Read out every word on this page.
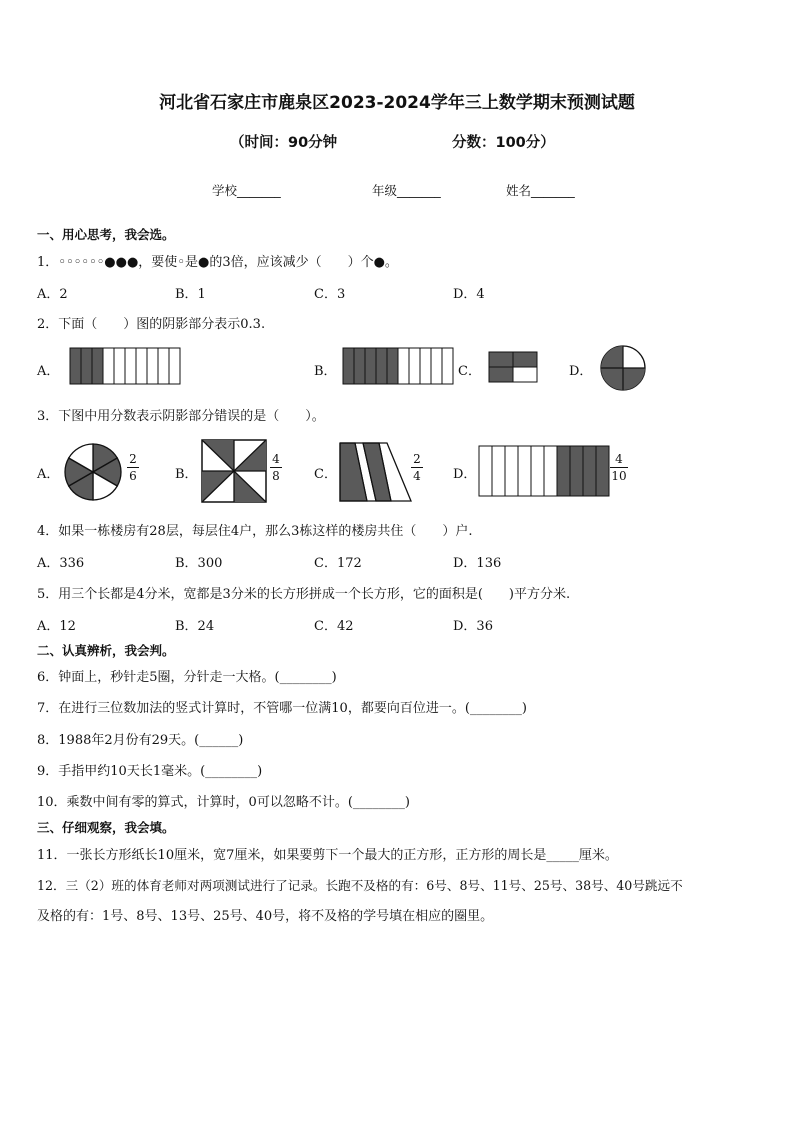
河北省石家庄市鹿泉区2023-2024学年三上数学期末预测试题
（时间：90分钟	分数：100分）
学校_______	年级_______	姓名_______
一、用心思考，我会选。
1．◦◦◦◦◦◦●●●，要使◦是●的3倍，应该减少（　　）个●。
A．2	B．1	C．3	D．4
2．下面（　　）图的阴影部分表示0.3.
A．	B．	C．	D．
3．下图中用分数表示阴影部分错误的是（　　）。
A．
2
6	B．
4
8	C．
2
4 D．
4
10
4．如果一栋楼房有28层，每层住4户，那么3栋这样的楼房共住（　　）户.
A．336	B．300	C．172	D．136
5．用三个长都是4分米，宽都是3分米的长方形拼成一个长方形，它的面积是(　　)平方分米.
A．12	B．24	C．42	D．36
二、认真辨析，我会判。
6．钟面上，秒针走5圈，分针走一大格。(________)
7．在进行三位数加法的竖式计算时，不管哪一位满10，都要向百位进一。(________)
8．1988年2月份有29天。(______)
9．手指甲约10天长1毫米。(________)
10．乘数中间有零的算式，计算时，0可以忽略不计。(________)
三、仔细观察，我会填。
11．一张长方形纸长10厘米，宽7厘米，如果要剪下一个最大的正方形，正方形的周长是_____厘米。
12．三（2）班的体育老师对两项测试进行了记录。长跑不及格的有：6号、8号、11号、25号、38号、40号跳远不
及格的有：1号、8号、13号、25号、40号，将不及格的学号填在相应的圈里。
